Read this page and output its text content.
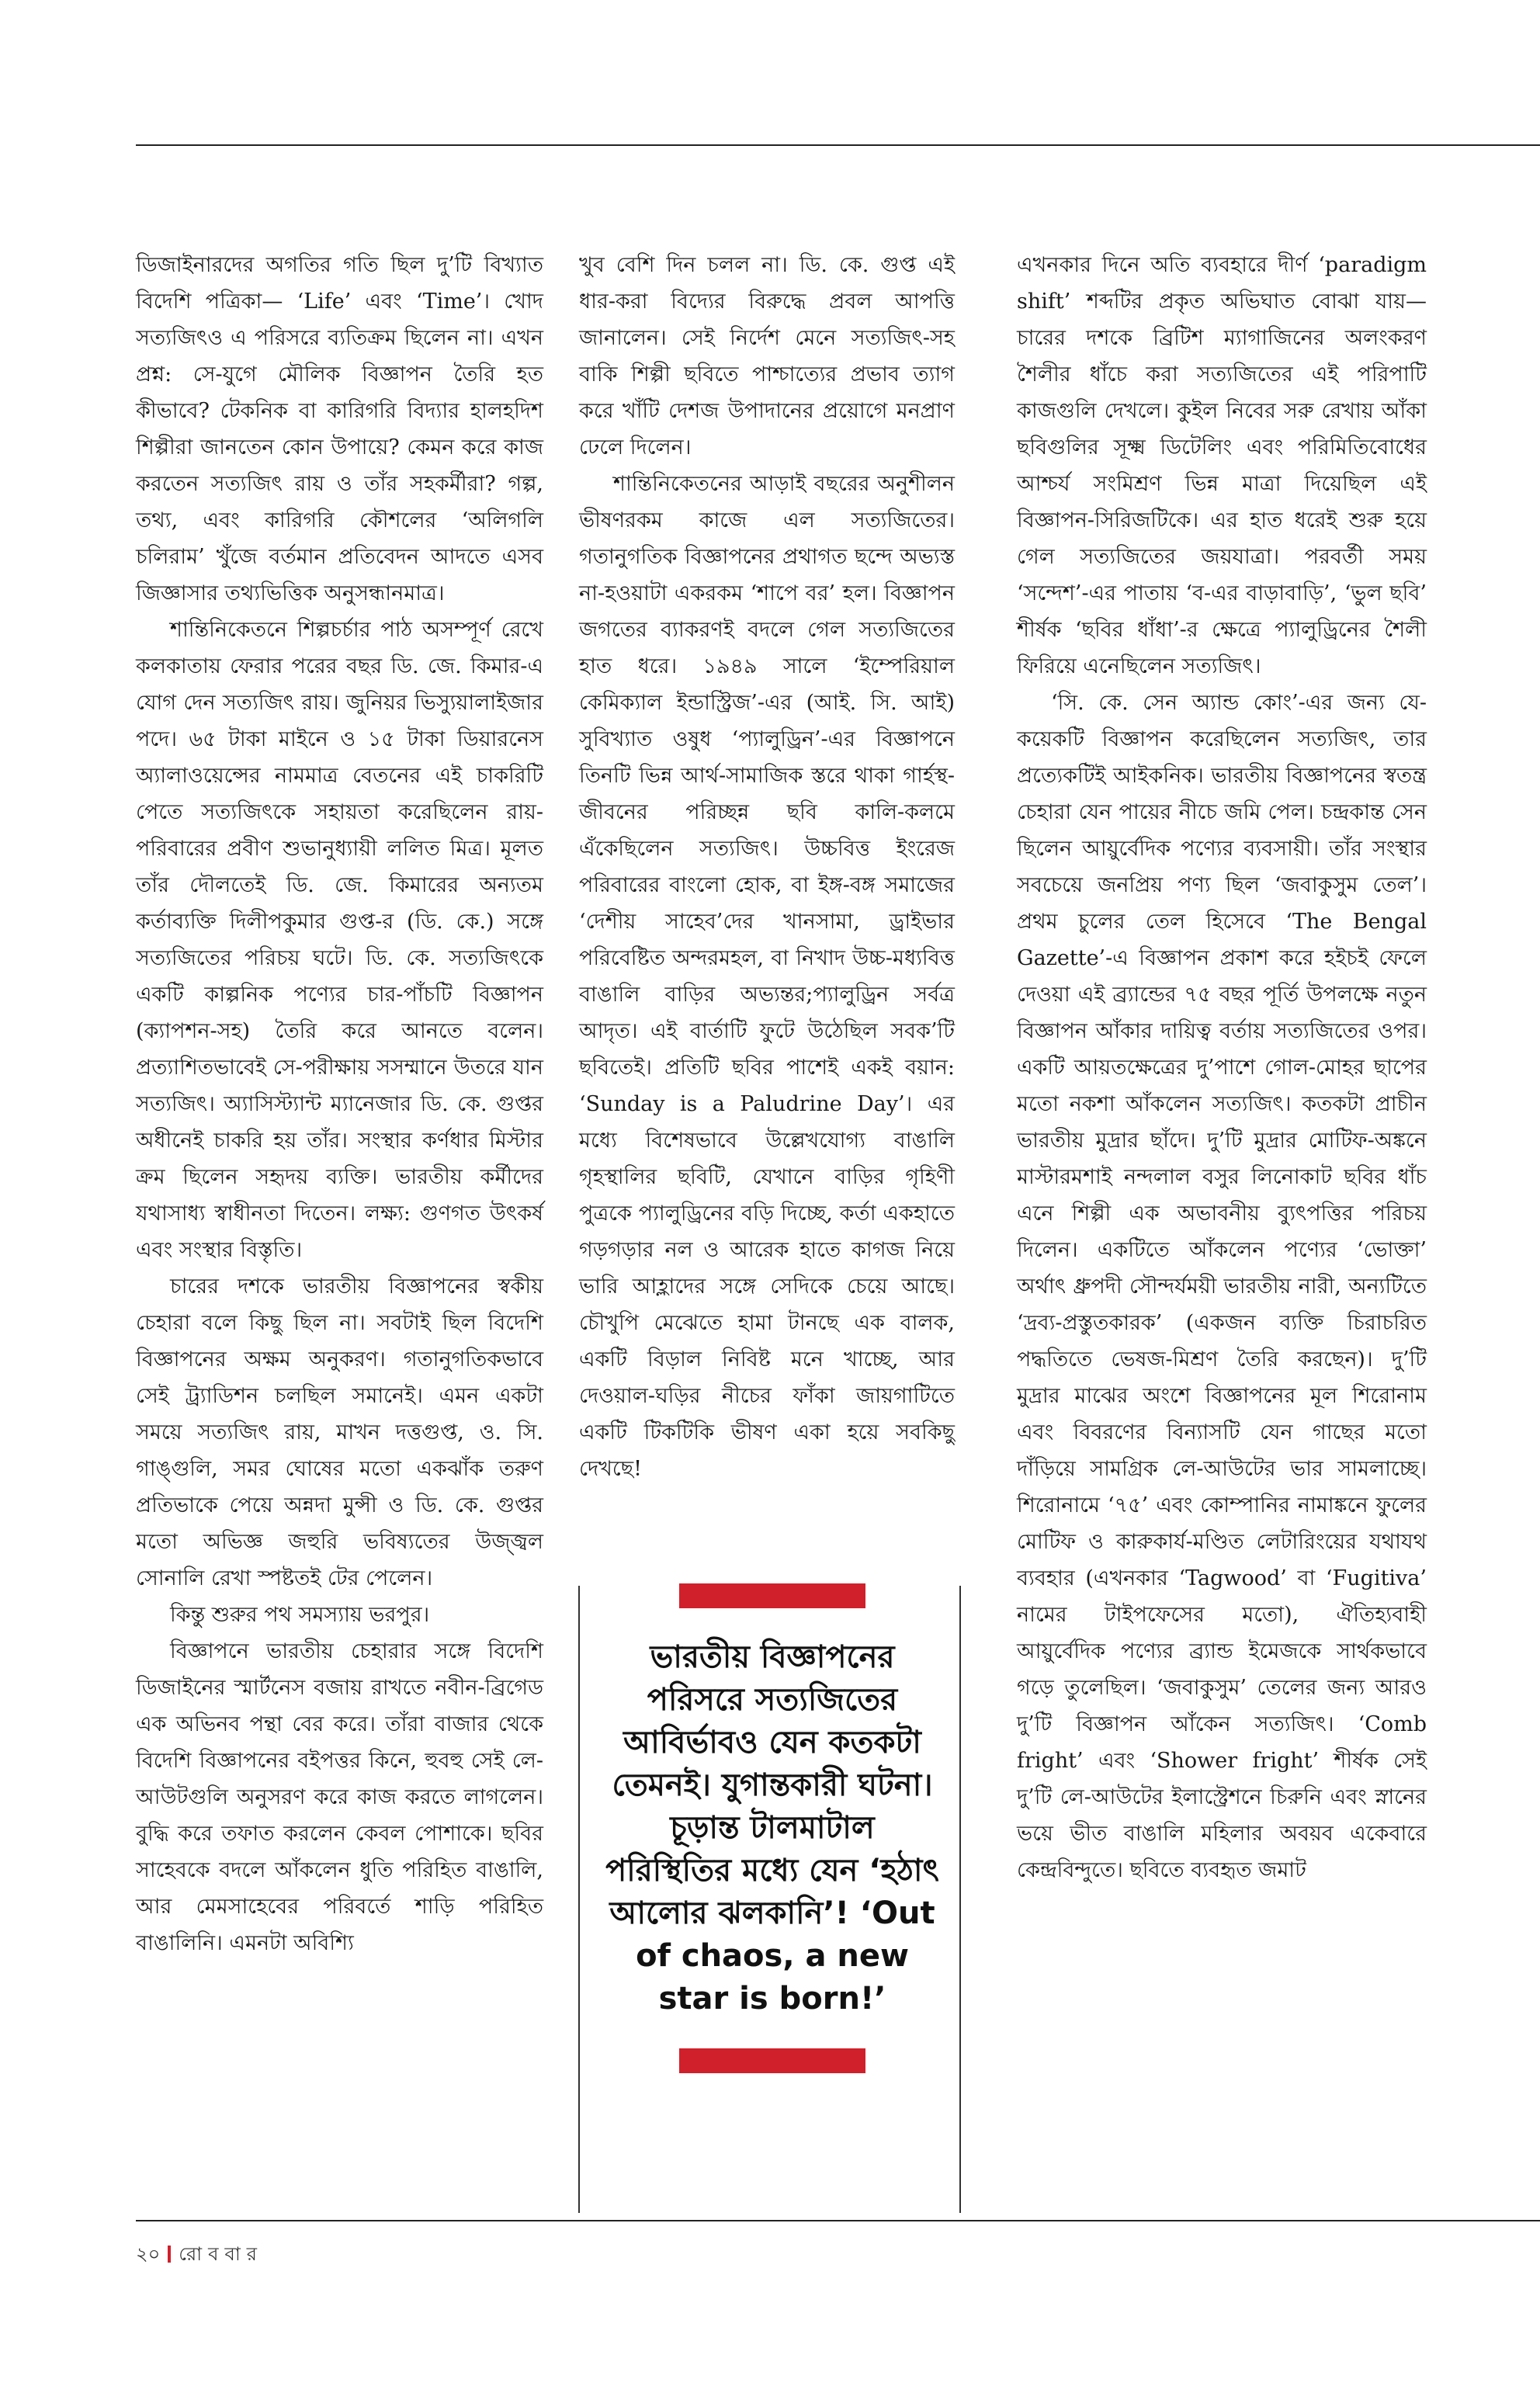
ডিজাইনারদের অগতির গতি ছিল দু’টি বিখ্যাত বিদেশি পত্রিকা— ‘Life’ এবং ‘Time’। খোদ সত্যজিৎও এ পরিসরে ব্যতিক্রম ছিলেন না। এখন প্রশ্ন: সে-যুগে মৌলিক বিজ্ঞাপন তৈরি হত কীভাবে? টেকনিক বা কারিগরি বিদ্যার হালহদিশ শিল্পীরা জানতেন কোন উপায়ে? কেমন করে কাজ করতেন সত্যজিৎ রায় ও তাঁর সহকর্মীরা? গল্প, তথ্য, এবং কারিগরি কৌশলের ‘অলিগলি চলিরাম’ খুঁজে বর্তমান প্রতিবেদন আদতে এসব জিজ্ঞাসার তথ্যভিত্তিক অনুসন্ধানমাত্র।

শান্তিনিকেতনে শিল্পচর্চার পাঠ অসম্পূর্ণ রেখে কলকাতায় ফেরার পরের বছর ডি. জে. কিমার-এ যোগ দেন সত্যজিৎ রায়। জুনিয়র ভিস্যুয়ালাইজার পদে। ৬৫ টাকা মাইনে ও ১৫ টাকা ডিয়ারনেস অ্যালাওয়েন্সের নামমাত্র বেতনের এই চাকরিটি পেতে সত্যজিৎকে সহায়তা করেছিলেন রায়-পরিবারের প্রবীণ শুভানুধ্যায়ী ললিত মিত্র। মূলত তাঁর দৌলতেই ডি. জে. কিমারের অন্যতম কর্তাব্যক্তি দিলীপকুমার গুপ্ত-র (ডি. কে.) সঙ্গে সত্যজিতের পরিচয় ঘটে। ডি. কে. সত্যজিৎকে একটি কাল্পনিক পণ্যের চার-পাঁচটি বিজ্ঞাপন (ক্যাপশন-সহ) তৈরি করে আনতে বলেন। প্রত্যাশিতভাবেই সে-পরীক্ষায় সসম্মানে উতরে যান সত্যজিৎ। অ্যাসিস্ট্যান্ট ম্যানেজার ডি. কে. গুপ্তর অধীনেই চাকরি হয় তাঁর। সংস্থার কর্ণধার মিস্টার ক্রম ছিলেন সহৃদয় ব্যক্তি। ভারতীয় কর্মীদের যথাসাধ্য স্বাধীনতা দিতেন। লক্ষ্য: গুণগত উৎকর্ষ এবং সংস্থার বিস্তৃতি।

চারের দশকে ভারতীয় বিজ্ঞাপনের স্বকীয় চেহারা বলে কিছু ছিল না। সবটাই ছিল বিদেশি বিজ্ঞাপনের অক্ষম অনুকরণ। গতানুগতিকভাবে সেই ট্র্যাডিশন চলছিল সমানেই। এমন একটা সময়ে সত্যজিৎ রায়, মাখন দত্তগুপ্ত, ও. সি. গাঙ্গুলি, সমর ঘোষের মতো একঝাঁক তরুণ প্রতিভাকে পেয়ে অন্নদা মুন্সী ও ডি. কে. গুপ্তর মতো অভিজ্ঞ জহুরি ভবিষ্যতের উজ্জ্বল সোনালি রেখা স্পষ্টতই টের পেলেন।

কিন্তু শুরুর পথ সমস্যায় ভরপুর।

বিজ্ঞাপনে ভারতীয় চেহারার সঙ্গে বিদেশি ডিজাইনের স্মার্টনেস বজায় রাখতে নবীন-ব্রিগেড এক অভিনব পন্থা বের করে। তাঁরা বাজার থেকে বিদেশি বিজ্ঞাপনের বইপত্তর কিনে, হুবহু সেই লে-আউটগুলি অনুসরণ করে কাজ করতে লাগলেন। বুদ্ধি করে তফাত করলেন কেবল পোশাকে। ছবির সাহেবকে বদলে আঁকলেন ধুতি পরিহিত বাঙালি, আর মেমসাহেবের পরিবর্তে শাড়ি পরিহিত বাঙালিনি। এমনটা অবিশ্যি

খুব বেশি দিন চলল না। ডি. কে. গুপ্ত এই ধার-করা বিদ্যের বিরুদ্ধে প্রবল আপত্তি জানালেন। সেই নির্দেশ মেনে সত্যজিৎ-সহ বাকি শিল্পী ছবিতে পাশ্চাত্যের প্রভাব ত্যাগ করে খাঁটি দেশজ উপাদানের প্রয়োগে মনপ্রাণ ঢেলে দিলেন।

শান্তিনিকেতনের আড়াই বছরের অনুশীলন ভীষণরকম কাজে এল সত্যজিতের। গতানুগতিক বিজ্ঞাপনের প্রথাগত ছন্দে অভ্যস্ত না-হওয়াটা একরকম ‘শাপে বর’ হল। বিজ্ঞাপন জগতের ব্যাকরণই বদলে গেল সত্যজিতের হাত ধরে। ১৯৪৯ সালে ‘ইম্পেরিয়াল কেমিক্যাল ইন্ডাস্ট্রিজ’-এর (আই. সি. আই) সুবিখ্যাত ওষুধ ‘প্যালুড্রিন’-এর বিজ্ঞাপনে তিনটি ভিন্ন আর্থ-সামাজিক স্তরে থাকা গার্হস্থ-জীবনের পরিচ্ছন্ন ছবি কালি-কলমে এঁকেছিলেন সত্যজিৎ। উচ্চবিত্ত ইংরেজ পরিবারের বাংলো হোক, বা ইঙ্গ-বঙ্গ সমাজের ‘দেশীয় সাহেব’দের খানসামা, ড্রাইভার পরিবেষ্টিত অন্দরমহল, বা নিখাদ উচ্চ-মধ্যবিত্ত বাঙালি বাড়ির অভ্যন্তর;প্যালুড্রিন সর্বত্র আদৃত। এই বার্তাটি ফুটে উঠেছিল সবক’টি ছবিতেই। প্রতিটি ছবির পাশেই একই বয়ান: ‘Sunday is a Paludrine Day’। এর মধ্যে বিশেষভাবে উল্লেখযোগ্য বাঙালি গৃহস্থালির ছবিটি, যেখানে বাড়ির গৃহিণী পুত্রকে প্যালুড্রিনের বড়ি দিচ্ছে, কর্তা একহাতে গড়গড়ার নল ও আরেক হাতে কাগজ নিয়ে ভারি আহ্লাদের সঙ্গে সেদিকে চেয়ে আছে। চৌখুপি মেঝেতে হামা টানছে এক বালক, একটি বিড়াল নিবিষ্ট মনে খাচ্ছে, আর দেওয়াল-ঘড়ির নীচের ফাঁকা জায়গাটিতে একটি টিকটিকি ভীষণ একা হয়ে সবকিছু দেখছে!

ভারতীয় বিজ্ঞাপনের পরিসরে সত্যজিতের আবির্ভাবও যেন কতকটা তেমনই। যুগান্তকারী ঘটনা। চূড়ান্ত টালমাটাল পরিস্থিতির মধ্যে যেন ‘হঠাৎ আলোর ঝলকানি’! ‘Out of chaos, a new star is born!’

এখনকার দিনে অতি ব্যবহারে দীর্ণ ‘paradigm shift’ শব্দটির প্রকৃত অভিঘাত বোঝা যায়— চারের দশকে ব্রিটিশ ম্যাগাজিনের অলংকরণ শৈলীর ধাঁচে করা সত্যজিতের এই পরিপাটি কাজগুলি দেখলে। কুইল নিবের সরু রেখায় আঁকা ছবিগুলির সূক্ষ্ম ডিটেলিং এবং পরিমিতিবোধের আশ্চর্য সংমিশ্রণ ভিন্ন মাত্রা দিয়েছিল এই বিজ্ঞাপন-সিরিজটিকে। এর হাত ধরেই শুরু হয়ে গেল সত্যজিতের জয়যাত্রা। পরবর্তী সময় ‘সন্দেশ’-এর পাতায় ‘ব-এর বাড়াবাড়ি’, ‘ভুল ছবি’ শীর্ষক ‘ছবির ধাঁধা’-র ক্ষেত্রে প্যালুড্রিনের শৈলী ফিরিয়ে এনেছিলেন সত্যজিৎ।

‘সি. কে. সেন অ্যান্ড কোং’-এর জন্য যে-কয়েকটি বিজ্ঞাপন করেছিলেন সত্যজিৎ, তার প্রত্যেকটিই আইকনিক। ভারতীয় বিজ্ঞাপনের স্বতন্ত্র চেহারা যেন পায়ের নীচে জমি পেল। চন্দ্রকান্ত সেন ছিলেন আয়ুর্বেদিক পণ্যের ব্যবসায়ী। তাঁর সংস্থার সবচেয়ে জনপ্রিয় পণ্য ছিল ‘জবাকুসুম তেল’। প্রথম চুলের তেল হিসেবে ‘The Bengal Gazette’-এ বিজ্ঞাপন প্রকাশ করে হইচই ফেলে দেওয়া এই ব্র্যান্ডের ৭৫ বছর পূর্তি উপলক্ষে নতুন বিজ্ঞাপন আঁকার দায়িত্ব বর্তায় সত্যজিতের ওপর। একটি আয়তক্ষেত্রের দু’পাশে গোল-মোহর ছাপের মতো নকশা আঁকলেন সত্যজিৎ। কতকটা প্রাচীন ভারতীয় মুদ্রার ছাঁদে। দু’টি মুদ্রার মোটিফ-অঙ্কনে মাস্টারমশাই নন্দলাল বসুর লিনোকাট ছবির ধাঁচ এনে শিল্পী এক অভাবনীয় ব্যুৎপত্তির পরিচয় দিলেন। একটিতে আঁকলেন পণ্যের ‘ভোক্তা’ অর্থাৎ ধ্রুপদী সৌন্দর্যময়ী ভারতীয় নারী, অন্যটিতে ‘দ্রব্য-প্রস্তুতকারক’ (একজন ব্যক্তি চিরাচরিত পদ্ধতিতে ভেষজ-মিশ্রণ তৈরি করছেন)। দু’টি মুদ্রার মাঝের অংশে বিজ্ঞাপনের মূল শিরোনাম এবং বিবরণের বিন্যাসটি যেন গাছের মতো দাঁড়িয়ে সামগ্রিক লে-আউটের ভার সামলাচ্ছে। শিরোনামে ‘৭৫’ এবং কোম্পানির নামাঙ্কনে ফুলের মোটিফ ও কারুকার্য-মণ্ডিত লেটারিংয়ের যথাযথ ব্যবহার (এখনকার ‘Tagwood’ বা ‘Fugitiva’ নামের টাইপফেসের মতো), ঐতিহ্যবাহী আয়ুর্বেদিক পণ্যের ব্র্যান্ড ইমেজকে সার্থকভাবে গড়ে তুলেছিল। ‘জবাকুসুম’ তেলের জন্য আরও দু’টি বিজ্ঞাপন আঁকেন সত্যজিৎ। ‘Comb fright’ এবং ‘Shower fright’ শীর্ষক সেই দু’টি লে-আউটের ইলাস্ট্রেশনে চিরুনি এবং স্নানের ভয়ে ভীত বাঙালি মহিলার অবয়ব একেবারে কেন্দ্রবিন্দুতে। ছবিতে ব্যবহৃত জমাট

২০ রোববার
